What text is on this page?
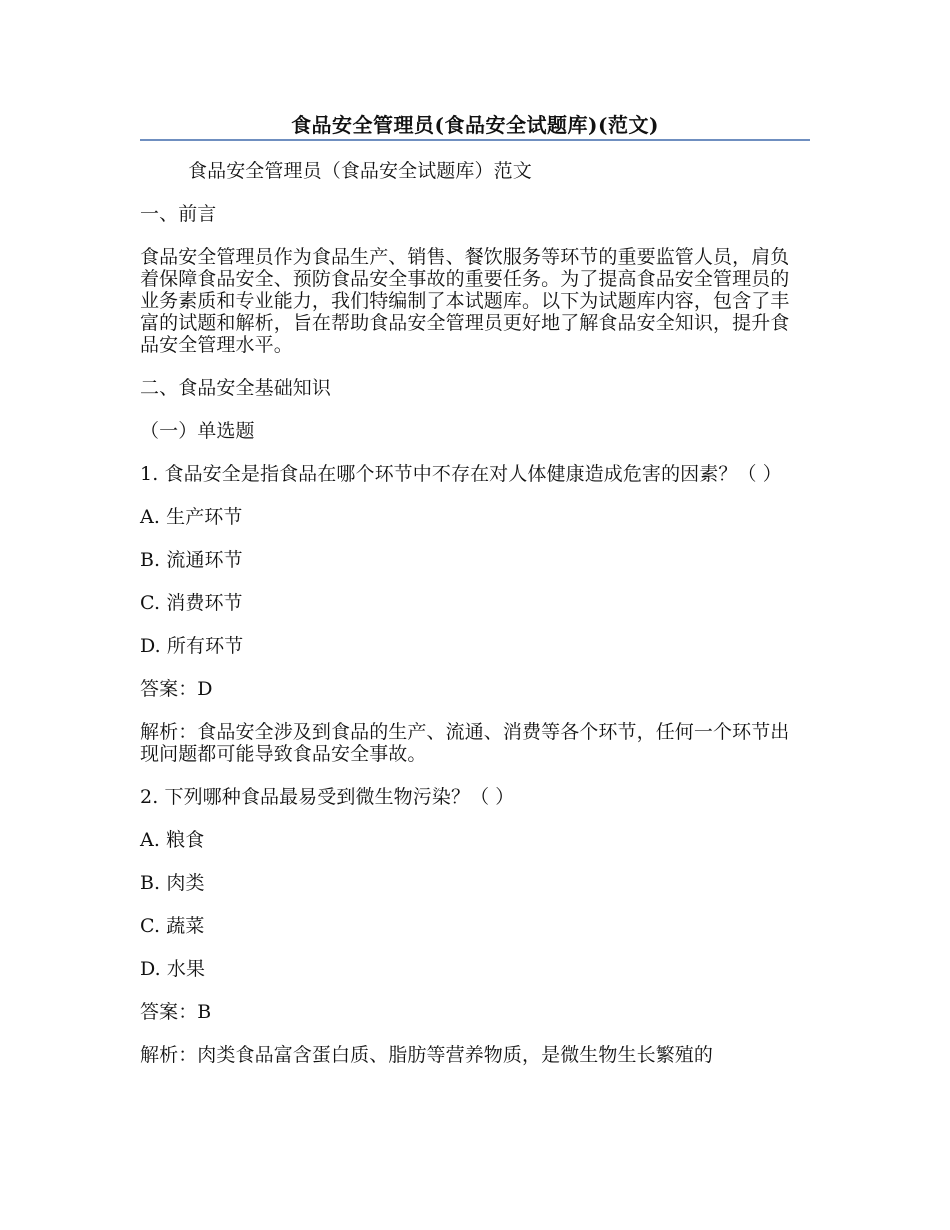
食品安全管理员(食品安全试题库)(范文)

食品安全管理员（食品安全试题库）范文

一、前言

食品安全管理员作为食品生产、销售、餐饮服务等环节的重要监管人员，肩负着保障食品安全、预防食品安全事故的重要任务。为了提高食品安全管理员的业务素质和专业能力，我们特编制了本试题库。以下为试题库内容，包含了丰富的试题和解析，旨在帮助食品安全管理员更好地了解食品安全知识，提升食品安全管理水平。

二、食品安全基础知识

（一）单选题

1. 食品安全是指食品在哪个环节中不存在对人体健康造成危害的因素？（ ）

A. 生产环节

B. 流通环节

C. 消费环节

D. 所有环节

答案：D

解析：食品安全涉及到食品的生产、流通、消费等各个环节，任何一个环节出现问题都可能导致食品安全事故。

2. 下列哪种食品最易受到微生物污染？（ ）

A. 粮食

B. 肉类

C. 蔬菜

D. 水果

答案：B

解析：肉类食品富含蛋白质、脂肪等营养物质，是微生物生长繁殖的
